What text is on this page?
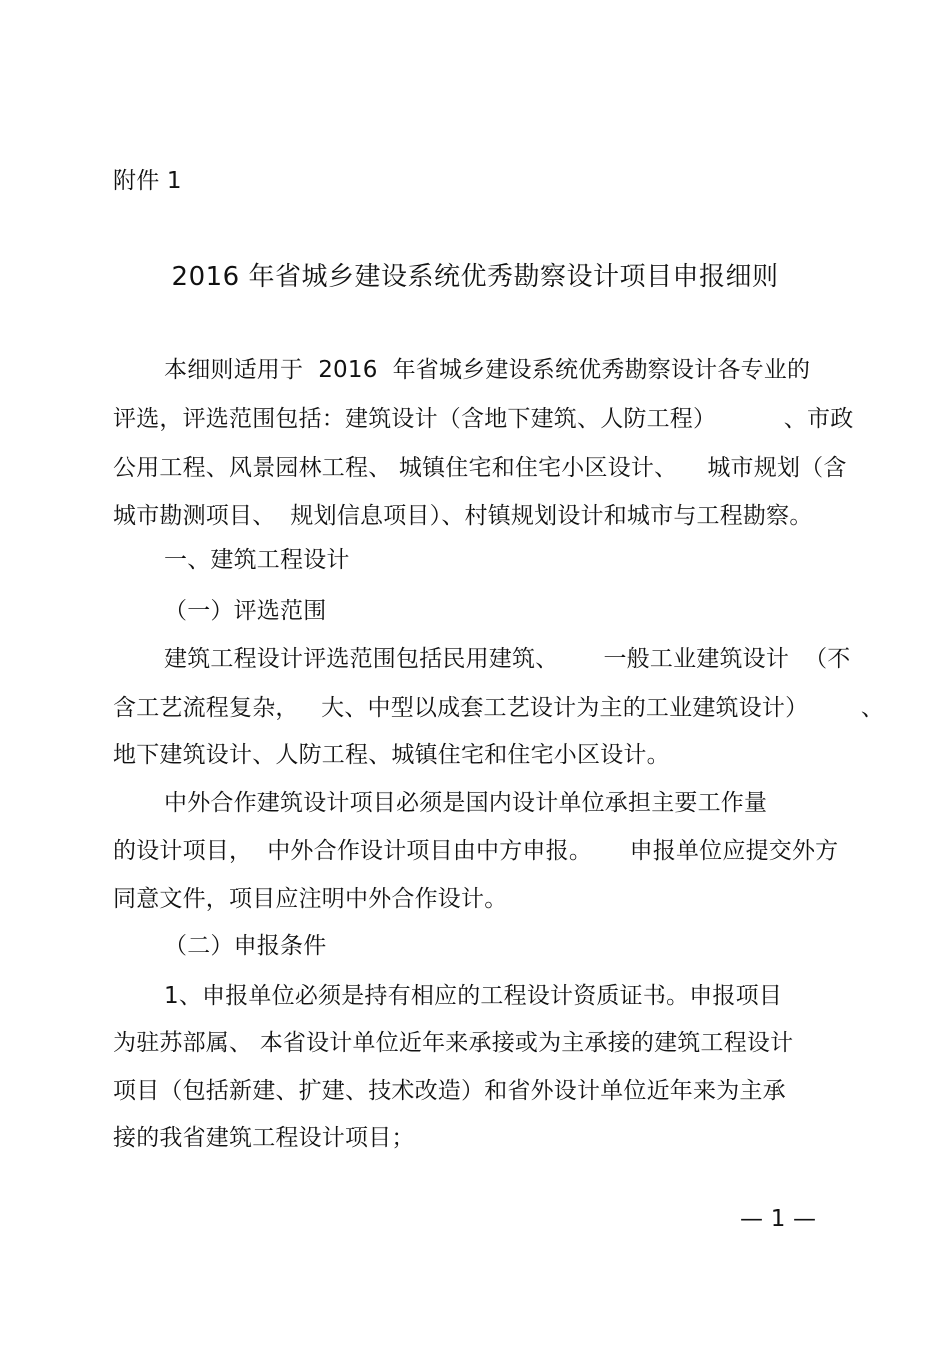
附件 1
2016 年省城乡建设系统优秀勘察设计项目申报细则
本细则适用于  2016  年省城乡建设系统优秀勘察设计各专业的
评选，评选范围包括：建筑设计（含地下建筑、人防工程）         、市政
公用工程、风景园林工程、 城镇住宅和住宅小区设计、    城市规划（含
城市勘测项目、  规划信息项目）、村镇规划设计和城市与工程勘察。
一、建筑工程设计
（一）评选范围
建筑工程设计评选范围包括民用建筑、      一般工业建筑设计  （不
含工艺流程复杂，   大、中型以成套工艺设计为主的工业建筑设计）       、
地下建筑设计、人防工程、城镇住宅和住宅小区设计。
中外合作建筑设计项目必须是国内设计单位承担主要工作量
的设计项目，  中外合作设计项目由中方申报。     申报单位应提交外方
同意文件，项目应注明中外合作设计。
（二）申报条件
1、申报单位必须是持有相应的工程设计资质证书。申报项目
为驻苏部属、 本省设计单位近年来承接或为主承接的建筑工程设计
项目（包括新建、扩建、技术改造）和省外设计单位近年来为主承
接的我省建筑工程设计项目；
— 1 —
